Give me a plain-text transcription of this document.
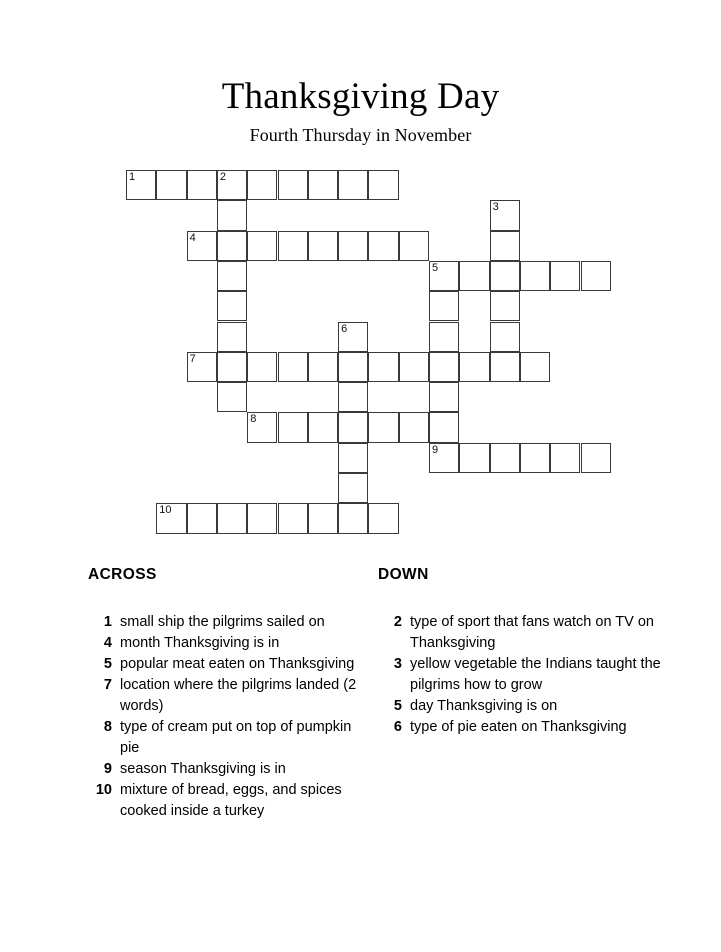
Thanksgiving Day

Fourth Thursday in November

1	2
3
4
5
6
7
8
9
10
ACROSS
1 small ship the pilgrims sailed on
4 month Thanksgiving is in
5 popular meat eaten on Thanksgiving
7 location where the pilgrims landed (2 words)
8 type of cream put on top of pumpkin pie
9 season Thanksgiving is in
10 mixture of bread, eggs, and spices cooked inside a turkey
DOWN
2 type of sport that fans watch on TV on Thanksgiving
3 yellow vegetable the Indians taught the pilgrims how to grow
5 day Thanksgiving is on
6 type of pie eaten on Thanksgiving
